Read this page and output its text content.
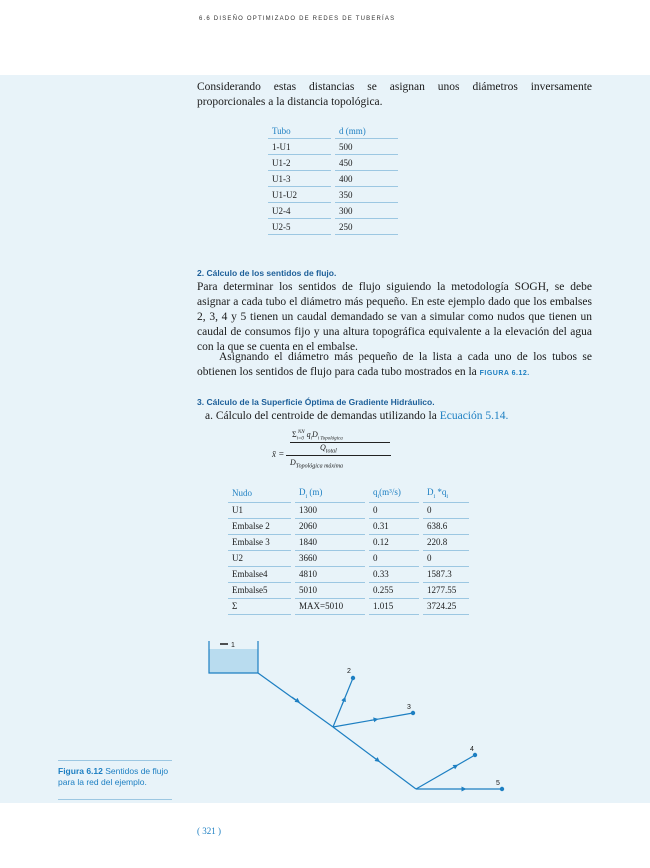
6.6 DISEÑO OPTIMIZADO DE REDES DE TUBERÍAS
Considerando estas distancias se asignan unos diámetros inversamente proporcionales a la distancia topológica.
Tubo	d (mm)
1-U1	500
U1-2	450
U1-3	400
U1-U2	350
U2-4	300
U2-5	250
2. Cálculo de los sentidos de flujo.
Para determinar los sentidos de flujo siguiendo la metodología SOGH, se debe asignar a cada tubo el diámetro más pequeño. En este ejemplo dado que los embalses 2, 3, 4 y 5 tienen un caudal demandado se van a simular como nudos que tienen un caudal de consumos fijo y una altura topográfica equivalente a la elevación del agua con la que se cuenta en el embalse.
Asignando el diámetro más pequeño de la lista a cada uno de los tubos se obtienen los sentidos de flujo para cada tubo mostrados en la FIGURA 6.12.
3. Cálculo de la Superficie Óptima de Gradiente Hidráulico.
a. Cálculo del centroide de demandas utilizando la Ecuación 5.14.
x̄ =
$\Sigma_{i=0}^{NN}$ $q_iD_{i Topológica}$
$Q_{total}$
$D_{Topológica máxima}$
Nudo	$D_i$ (m)	$q_i(m^3/s)$	$D_i$ $*q_i$
U1	1300	0	0
Embalse 2	2060	0.31	638.6
Embalse 3	1840	0.12	220.8
U2	3660	0	0
Embalse4	4810	0.33	1587.3
Embalse5	5010	0.255	1277.55
Σ	MAX=5010	1.015	3724.25
1
2
3
4
5
Figura 6.12 Sentidos de flujo para la red del ejemplo.
( 321 )
